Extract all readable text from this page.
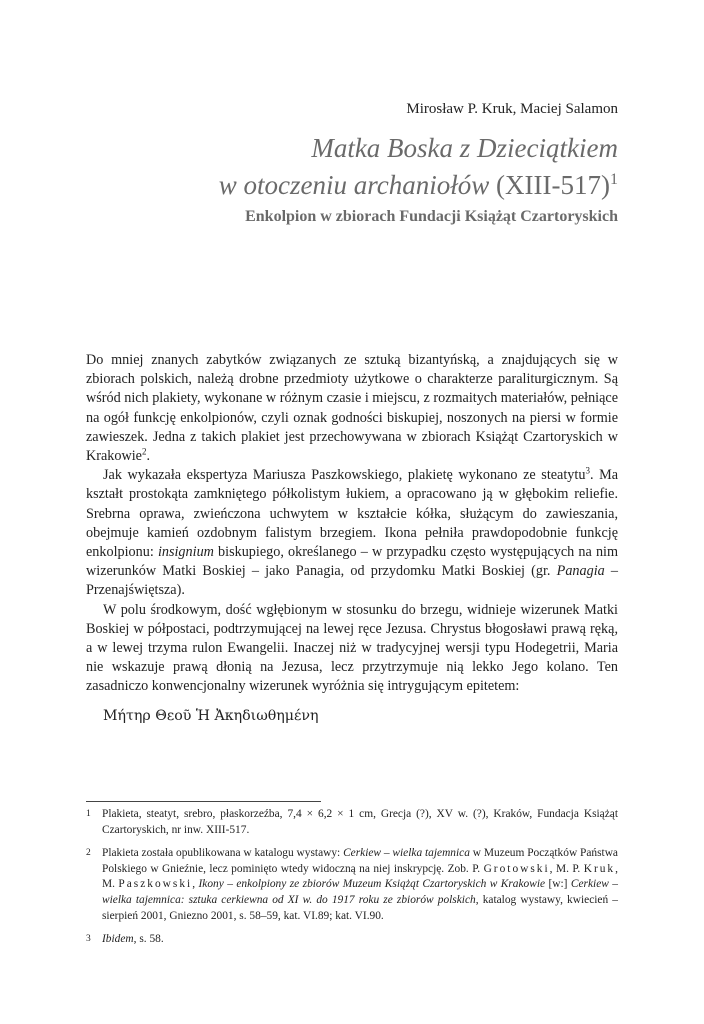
Mirosław P. Kruk, Maciej Salamon
Matka Boska z Dzieciątkiem
w otoczeniu archaniołów (XIII-517)$^1$
Enkolpion w zbiorach Fundacji Książąt Czartoryskich

Do mniej znanych zabytków związanych ze sztuką bizantyńską, a znajdujących się w zbiorach polskich, należą drobne przedmioty użytkowe o charakterze paraliturgicznym. Są wśród nich plakiety, wykonane w różnym czasie i miejscu, z rozmaitych materiałów, pełniące na ogół funkcję enkolpionów, czyli oznak godności biskupiej, noszonych na piersi w formie zawieszek. Jedna z takich plakiet jest przechowywana w zbiorach Książąt Czartoryskich w Krakowie$^2$.

Jak wykazała ekspertyza Mariusza Paszkowskiego, plakietę wykonano ze steatytu$^3$. Ma kształt prostokąta zamkniętego półkolistym łukiem, a opracowano ją w głębokim reliefie. Srebrna oprawa, zwieńczona uchwytem w kształcie kółka, służącym do zawieszania, obejmuje kamień ozdobnym falistym brzegiem. Ikona pełniła prawdopodobnie funkcję enkolpionu: insignium biskupiego, określanego – w przypadku często występujących na nim wizerunków Matki Boskiej – jako Panagia, od przydomku Matki Boskiej (gr. Panagia – Przenajświętsza).

W polu środkowym, dość wgłębionym w stosunku do brzegu, widnieje wizerunek Matki Boskiej w półpostaci, podtrzymującej na lewej ręce Jezusa. Chrystus błogosławi prawą ręką, a w lewej trzyma rulon Ewangelii. Inaczej niż w tradycyjnej wersji typu Hodegetrii, Maria nie wskazuje prawą dłonią na Jezusa, lecz przytrzymuje nią lekko Jego kolano. Ten zasadniczo konwencjonalny wizerunek wyróżnia się intrygującym epitetem:

Μήτηρ Θεοῦ Ἡ Ἀκηδιωθημένη
1 Plakieta, steatyt, srebro, płaskorzeźba, 7,4 × 6,2 × 1 cm, Grecja (?), XV w. (?), Kraków, Fundacja Książąt Czartoryskich, nr inw. XIII-517.
2 Plakieta została opublikowana w katalogu wystawy: Cerkiew – wielka tajemnica w Muzeum Początków Państwa Polskiego w Gnieźnie, lecz pominięto wtedy widoczną na niej inskrypcję. Zob. P. Grotowski, M. P. Kruk, M. Paszkowski, Ikony – enkolpiony ze zbiorów Muzeum Książąt Czartoryskich w Krakowie [w:] Cerkiew – wielka tajemnica: sztuka cerkiewna od XI w. do 1917 roku ze zbiorów polskich, katalog wystawy, kwiecień – sierpień 2001, Gniezno 2001, s. 58–59, kat. VI.89; kat. VI.90.
3 Ibidem, s. 58.
